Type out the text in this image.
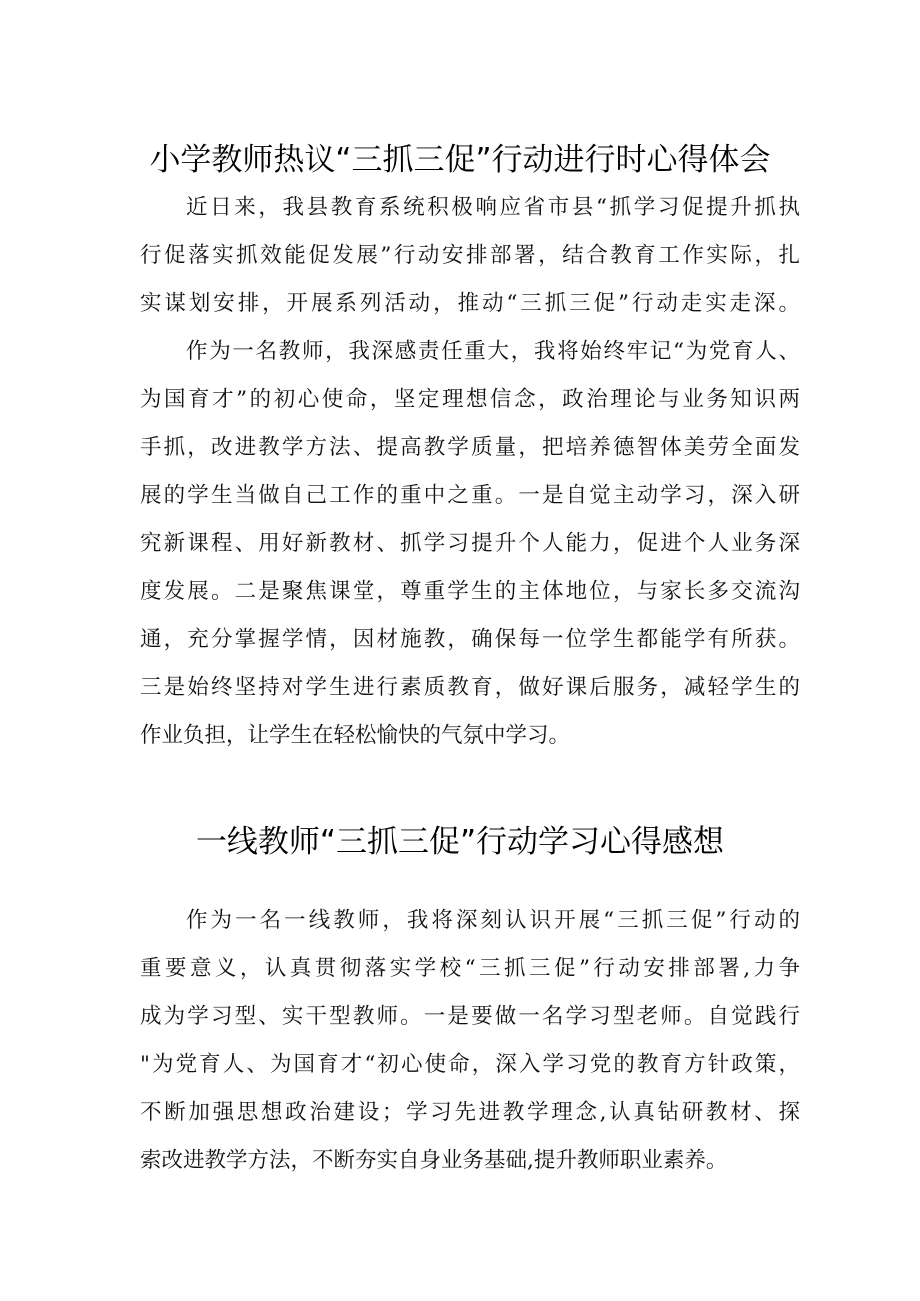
小学教师热议“三抓三促”行动进行时心得体会
近日来，我县教育系统积极响应省市县“抓学习促提升抓执
行促落实抓效能促发展”行动安排部署，结合教育工作实际，扎
实谋划安排，开展系列活动，推动“三抓三促”行动走实走深。
作为一名教师，我深感责任重大，我将始终牢记“为党育人、
为国育才”的初心使命，坚定理想信念，政治理论与业务知识两
手抓，改进教学方法、提高教学质量，把培养德智体美劳全面发
展的学生当做自己工作的重中之重。一是自觉主动学习，深入研
究新课程、用好新教材、抓学习提升个人能力，促进个人业务深
度发展。二是聚焦课堂，尊重学生的主体地位，与家长多交流沟
通，充分掌握学情，因材施教，确保每一位学生都能学有所获。
三是始终坚持对学生进行素质教育，做好课后服务，减轻学生的
作业负担，让学生在轻松愉快的气氛中学习。
一线教师“三抓三促”行动学习心得感想
作为一名一线教师，我将深刻认识开展“三抓三促”行动的
重要意义，认真贯彻落实学校“三抓三促”行动安排部署,力争
成为学习型、实干型教师。一是要做一名学习型老师。自觉践行
"为党育人、为国育才“初心使命，深入学习党的教育方针政策，
不断加强思想政治建设；学习先进教学理念,认真钻研教材、探
索改进教学方法，不断夯实自身业务基础,提升教师职业素养。
